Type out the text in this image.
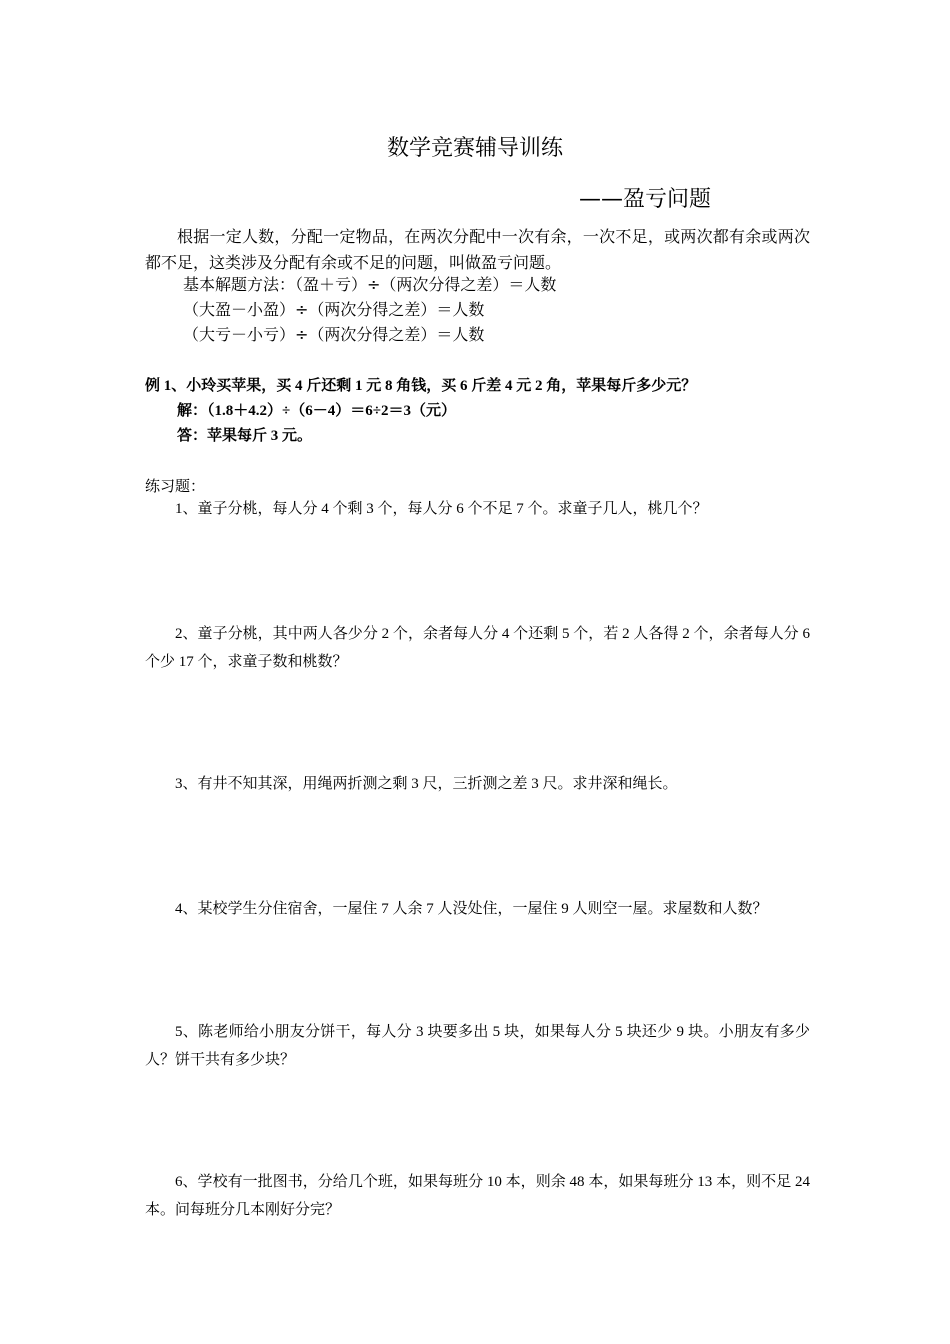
数学竞赛辅导训练
——盈亏问题

根据一定人数，分配一定物品，在两次分配中一次有余，一次不足，或两次都有余或两次都不足，这类涉及分配有余或不足的问题，叫做盈亏问题。

基本解题方法：（盈＋亏）÷（两次分得之差）＝人数
（大盈－小盈）÷（两次分得之差）＝人数
（大亏－小亏）÷（两次分得之差）＝人数
例 1、小玲买苹果，买 4 斤还剩 1 元 8 角钱，买 6 斤差 4 元 2 角，苹果每斤多少元？
解：（1.8＋4.2）÷（6－4）＝6÷2＝3（元）
答：苹果每斤 3 元。
练习题：

1、童子分桃，每人分 4 个剩 3 个，每人分 6 个不足 7 个。求童子几人，桃几个？

2、童子分桃，其中两人各少分 2 个，余者每人分 4 个还剩 5 个，若 2 人各得 2 个，余者每人分 6 个少 17 个，求童子数和桃数？

3、有井不知其深，用绳两折测之剩 3 尺，三折测之差 3 尺。求井深和绳长。

4、某校学生分住宿舍，一屋住 7 人余 7 人没处住，一屋住 9 人则空一屋。求屋数和人数？

5、陈老师给小朋友分饼干，每人分 3 块要多出 5 块，如果每人分 5 块还少 9 块。小朋友有多少人？饼干共有多少块？

6、学校有一批图书，分给几个班，如果每班分 10 本，则余 48 本，如果每班分 13 本，则不足 24 本。问每班分几本刚好分完？
